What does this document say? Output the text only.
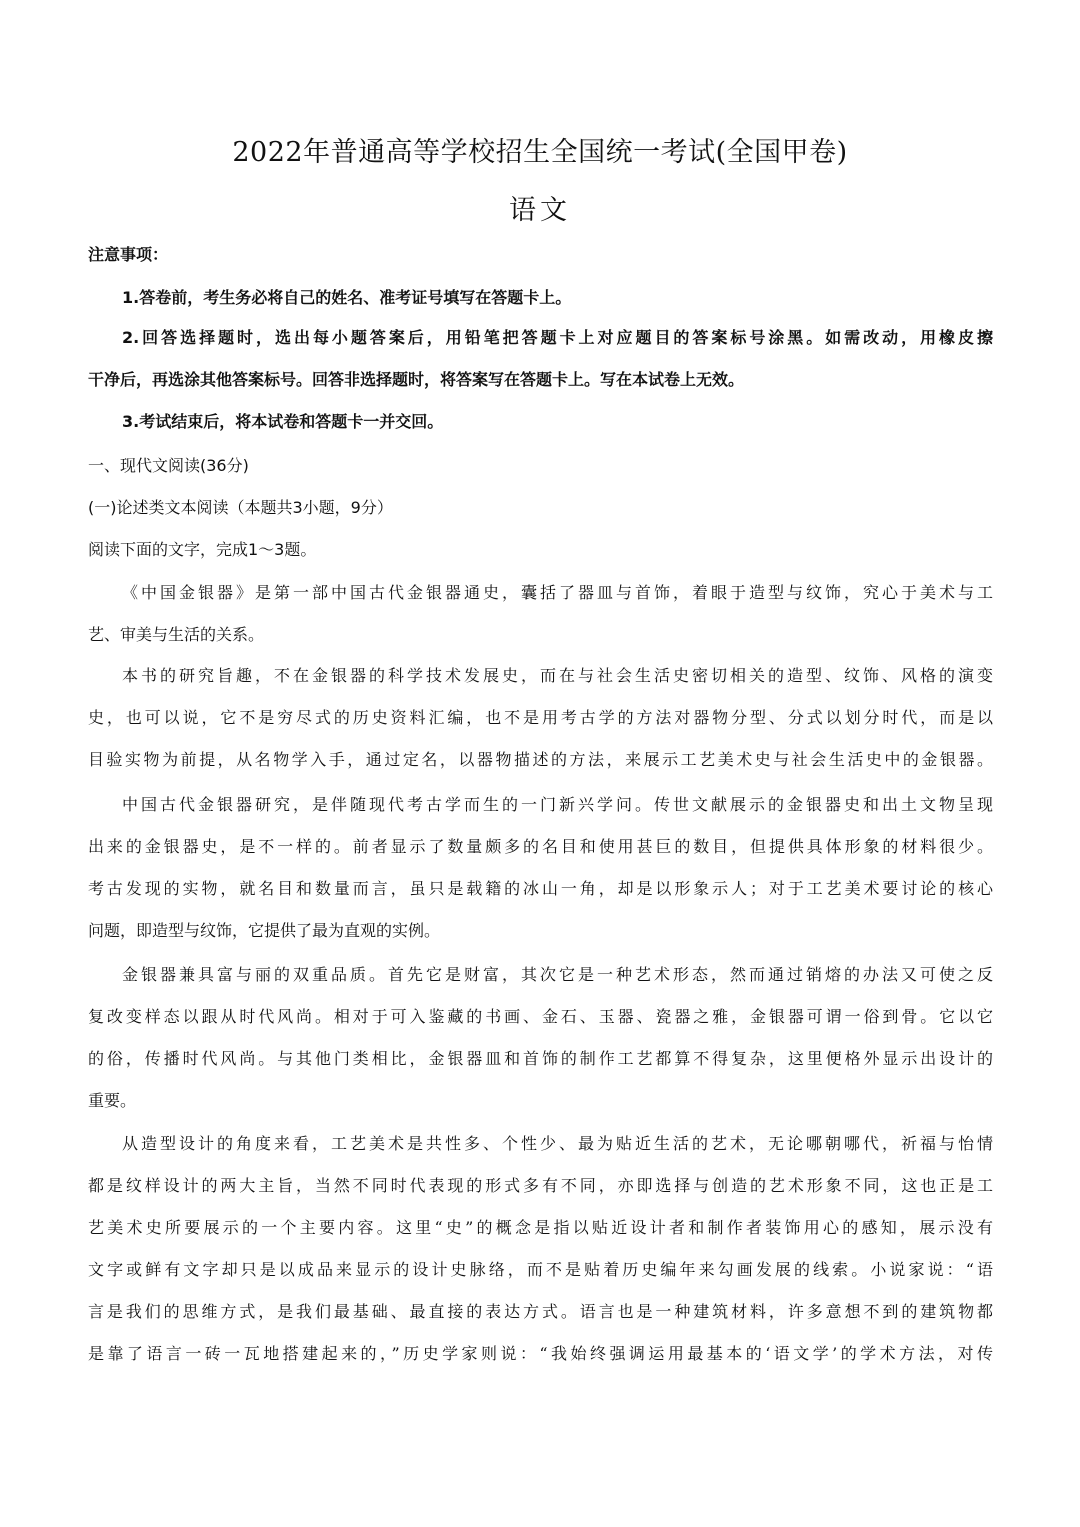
2022年普通高等学校招生全国统一考试(全国甲卷)
语文
注意事项：
1.答卷前，考生务必将自己的姓名、准考证号填写在答题卡上。
2.回答选择题时，选出每小题答案后，用铅笔把答题卡上对应题目的答案标号涂黑。如需改动，用橡皮擦
干净后，再选涂其他答案标号。回答非选择题时，将答案写在答题卡上。写在本试卷上无效。
3.考试结束后，将本试卷和答题卡一并交回。
一、现代文阅读(36分)
(一)论述类文本阅读（本题共3小题，9分）
阅读下面的文字，完成1～3题。
《中国金银器》是第一部中国古代金银器通史，囊括了器皿与首饰，着眼于造型与纹饰，究心于美术与工
艺、审美与生活的关系。
本书的研究旨趣，不在金银器的科学技术发展史，而在与社会生活史密切相关的造型、纹饰、风格的演变
史，也可以说，它不是穷尽式的历史资料汇编，也不是用考古学的方法对器物分型、分式以划分时代，而是以
目验实物为前提，从名物学入手，通过定名，以器物描述的方法，来展示工艺美术史与社会生活史中的金银器。
中国古代金银器研究，是伴随现代考古学而生的一门新兴学问。传世文献展示的金银器史和出土文物呈现
出来的金银器史，是不一样的。前者显示了数量颇多的名目和使用甚巨的数目，但提供具体形象的材料很少。
考古发现的实物，就名目和数量而言，虽只是载籍的冰山一角，却是以形象示人；对于工艺美术要讨论的核心
问题，即造型与纹饰，它提供了最为直观的实例。
金银器兼具富与丽的双重品质。首先它是财富，其次它是一种艺术形态，然而通过销熔的办法又可使之反
复改变样态以跟从时代风尚。相对于可入鉴藏的书画、金石、玉器、瓷器之雅，金银器可谓一俗到骨。它以它
的俗，传播时代风尚。与其他门类相比，金银器皿和首饰的制作工艺都算不得复杂，这里便格外显示出设计的
重要。
从造型设计的角度来看，工艺美术是共性多、个性少、最为贴近生活的艺术，无论哪朝哪代，祈福与怡情
都是纹样设计的两大主旨，当然不同时代表现的形式多有不同，亦即选择与创造的艺术形象不同，这也正是工
艺美术史所要展示的一个主要内容。这里“史”的概念是指以贴近设计者和制作者装饰用心的感知，展示没有
文字或鲜有文字却只是以成品来显示的设计史脉络，而不是贴着历史编年来勾画发展的线索。小说家说：“语
言是我们的思维方式，是我们最基础、最直接的表达方式。语言也是一种建筑材料，许多意想不到的建筑物都
是靠了语言一砖一瓦地搭建起来的，”历史学家则说：“我始终强调运用最基本的‘语文学’的学术方法，对传
